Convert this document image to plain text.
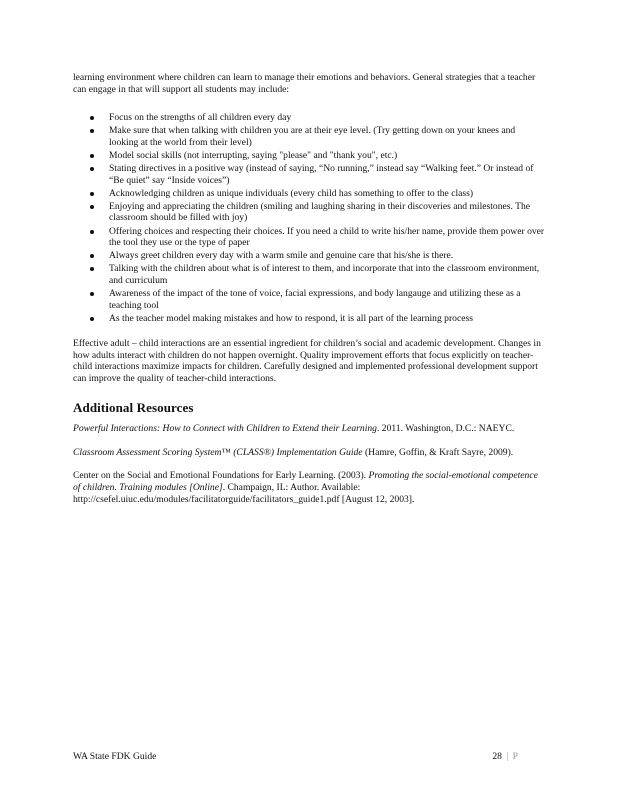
learning environment where children can learn to manage their emotions and behaviors. General strategies that a teacher can engage in that will support all students may include:

Focus on the strengths of all children every day
Make sure that when talking with children you are at their eye level. (Try getting down on your knees and looking at the world from their level)
Model social skills (not interrupting, saying "please" and "thank you", etc.)
Stating directives in a positive way (instead of saying, “No running,” instead say “Walking feet.” Or instead of “Be quiet” say “Inside voices”)
Acknowledging children as unique individuals (every child has something to offer to the class)
Enjoying and appreciating the children (smiling and laughing sharing in their discoveries and milestones. The classroom should be filled with joy)
Offering choices and respecting their choices. If you need a child to write his/her name, provide them power over the tool they use or the type of paper
Always greet children every day with a warm smile and genuine care that his/she is there.
Talking with the children about what is of interest to them, and incorporate that into the classroom environment, and curriculum
Awareness of the impact of the tone of voice, facial expressions, and body langauge and utilizing these as a teaching tool
As the teacher model making mistakes and how to respond, it is all part of the learning process

Effective adult – child interactions are an essential ingredient for children’s social and academic development. Changes in how adults interact with children do not happen overnight. Quality improvement efforts that focus explicitly on teacher-child interactions maximize impacts for children. Carefully designed and implemented professional development support can improve the quality of teacher-child interactions.

Additional Resources

Powerful Interactions: How to Connect with Children to Extend their Learning. 2011. Washington, D.C.: NAEYC.

Classroom Assessment Scoring System™ (CLASS®) Implementation Guide (Hamre, Goffin, & Kraft Sayre, 2009).

Center on the Social and Emotional Foundations for Early Learning. (2003). Promoting the social-emotional competence of children. Training modules [Online]. Champaign, IL: Author. Available: http://csefel.uiuc.edu/modules/facilitatorguide/facilitators_guide1.pdf [August 12, 2003].

WA State FDK Guide	28 | P
